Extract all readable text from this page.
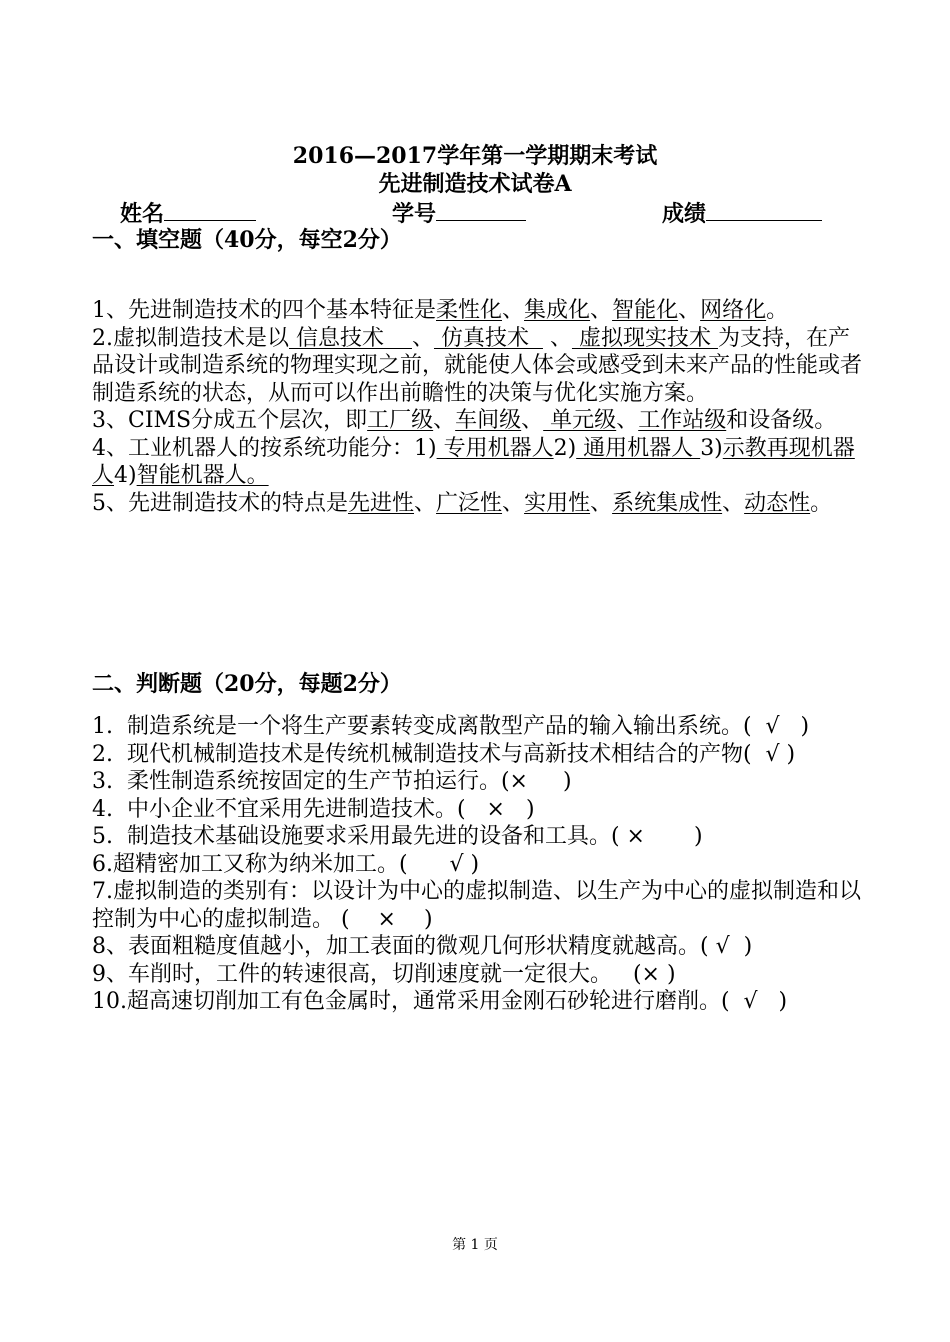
2016—2017学年第一学期期末考试
先进制造技术试卷A
姓名	学号	成绩
一、填空题（40分，每空2分）

1、先进制造技术的四个基本特征是柔性化、集成化、智能化、网络化。

2.虚拟制造技术是以 信息技术    、 仿真技术   、 虚拟现实技术 为支持，在产品设计或制造系统的物理实现之前，就能使人体会或感受到未来产品的性能或者制造系统的状态，从而可以作出前瞻性的决策与优化实施方案。

3、CIMS分成五个层次，即工厂级、车间级、 单元级、工作站级和设备级。

4、工业机器人的按系统功能分：1) 专用机器人2) 通用机器人 3)示教再现机器人4)智能机器人。

5、先进制造技术的特点是先进性、广泛性、实用性、系统集成性、动态性。

二、判断题（20分，每题2分）

1.  制造系统是一个将生产要素转变成离散型产品的输入输出系统。(  √   )

2.  现代机械制造技术是传统机械制造技术与高新技术相结合的产物(  √ )

3.  柔性制造系统按固定的生产节拍运行。(×     )

4.  中小企业不宜采用先进制造技术。(   ×   )

5.  制造技术基础设施要求采用最先进的设备和工具。( ×       )

6.超精密加工又称为纳米加工。(      √ )

7.虚拟制造的类别有：以设计为中心的虚拟制造、以生产为中心的虚拟制造和以控制为中心的虚拟制造。 (    ×    )

8、表面粗糙度值越小，加工表面的微观几何形状精度就越高。( √  )

9、车削时，工件的转速很高，切削速度就一定很大。   (× )

10.超高速切削加工有色金属时，通常采用金刚石砂轮进行磨削。(  √   )

第 1 页
